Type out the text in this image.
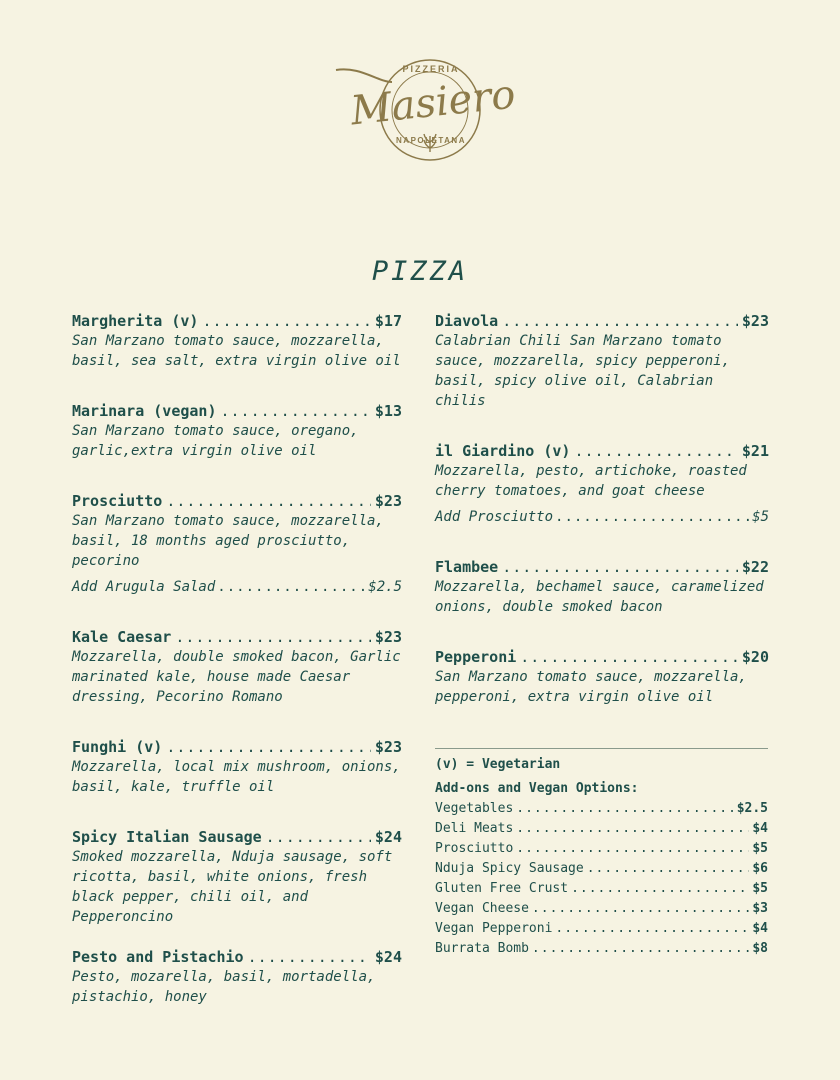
PIZZERIA
Masiero
NAPOLETANA
PIZZA
Margherita (v) .....	$17
San Marzano tomato sauce, mozzarella, basil, sea salt, extra virgin olive oil
Marinara (vegan) .....	$13
San Marzano tomato sauce, oregano, garlic,extra virgin olive oil
Prosciutto .....	$23
San Marzano tomato sauce, mozzarella, basil, 18 months aged prosciutto, pecorino
Add Arugula Salad .....	$2.5
Kale Caesar .....	$23
Mozzarella, double smoked bacon, Garlic marinated kale, house made Caesar dressing, Pecorino Romano
Funghi (v) .....	$23
Mozzarella, local mix mushroom, onions, basil, kale, truffle oil
Spicy Italian Sausage .....	$24
Smoked mozzarella, Nduja sausage, soft ricotta, basil, white onions, fresh black pepper, chili oil, and Pepperoncino
Pesto and Pistachio .....	$24
Pesto, mozarella, basil, mortadella, pistachio, honey
Diavola .....	$23
Calabrian Chili San Marzano tomato sauce, mozzarella, spicy pepperoni, basil, spicy olive oil, Calabrian chilis
il Giardino (v) .....	$21
Mozzarella, pesto, artichoke, roasted cherry tomatoes, and goat cheese
Add Prosciutto .....	$5
Flambee .....	$22
Mozzarella, bechamel sauce, caramelized onions, double smoked bacon
Pepperoni .....	$20
San Marzano tomato sauce, mozzarella, pepperoni, extra virgin olive oil
(v) = Vegetarian
Add-ons and Vegan Options:
Vegetables .....	$2.5
Deli Meats .....	$4
Prosciutto .....	$5
Nduja Spicy Sausage .....	$6
Gluten Free Crust .....	$5
Vegan Cheese .....	$3
Vegan Pepperoni .....	$4
Burrata Bomb .....	$8
